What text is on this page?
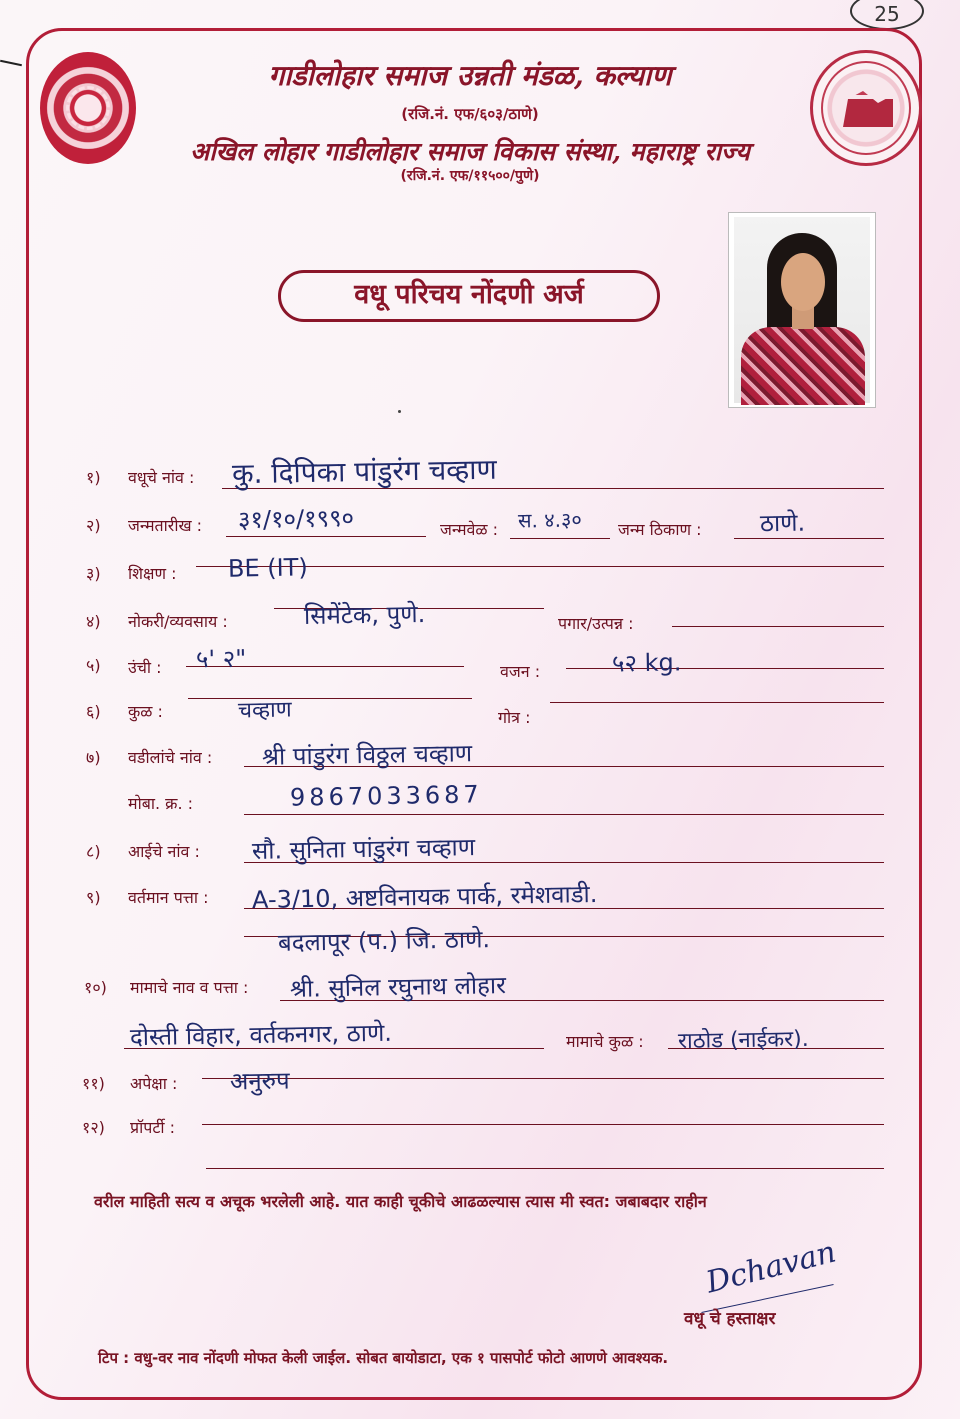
25
गाडीलोहार समाज उन्नती मंडळ, कल्याण
(रजि.नं. एफ/६०३/ठाणे)
अखिल लोहार गाडीलोहार समाज विकास संस्था, महाराष्ट्र राज्य
(रजि.नं. एफ/११५००/पुणे)
वधू परिचय नोंदणी अर्ज
१) वधूचे नांव : कु. दिपिका पांडुरंग चव्हाण
२) जन्मतारीख : ३१/१०/१९९०	जन्मवेळ : स. ४.३० जन्म ठिकाण : ठाणे.
३) शिक्षण : BE (IT)
४) नोकरी/व्यवसाय :	सिमेंटेक, पुणे.	पगार/उत्पन्न :
५) उंची : ५' २"	वजन :	५२ kg.
६) कुळ :	चव्हाण	गोत्र :
७) वडीलांचे नांव : श्री पांडुरंग विठ्ठल चव्हाण
मोबा. क्र. :	9867033687
८) आईचे नांव : सौ. सुनिता पांडुरंग चव्हाण
९) वर्तमान पत्ता : A-3/10, अष्टविनायक पार्क, रमेशवाडी.
बदलापूर (प.) जि. ठाणे.
१०) मामाचे नाव व पत्ता : श्री. सुनिल रघुनाथ लोहार
दोस्ती विहार, वर्तकनगर, ठाणे.	मामाचे कुळ : राठोड (नाईकर).
११) अपेक्षा : अनुरुप
१२) प्रॉपर्टी :
वरील माहिती सत्य व अचूक भरलेली आहे. यात काही चूकीचे आढळल्यास त्यास मी स्वत: जबाबदार राहीन
Dchavan
वधू चे हस्ताक्षर
टिप : वधु-वर नाव नोंदणी मोफत केली जाईल. सोबत बायोडाटा, एक १ पासपोर्ट फोटो आणणे आवश्यक.
